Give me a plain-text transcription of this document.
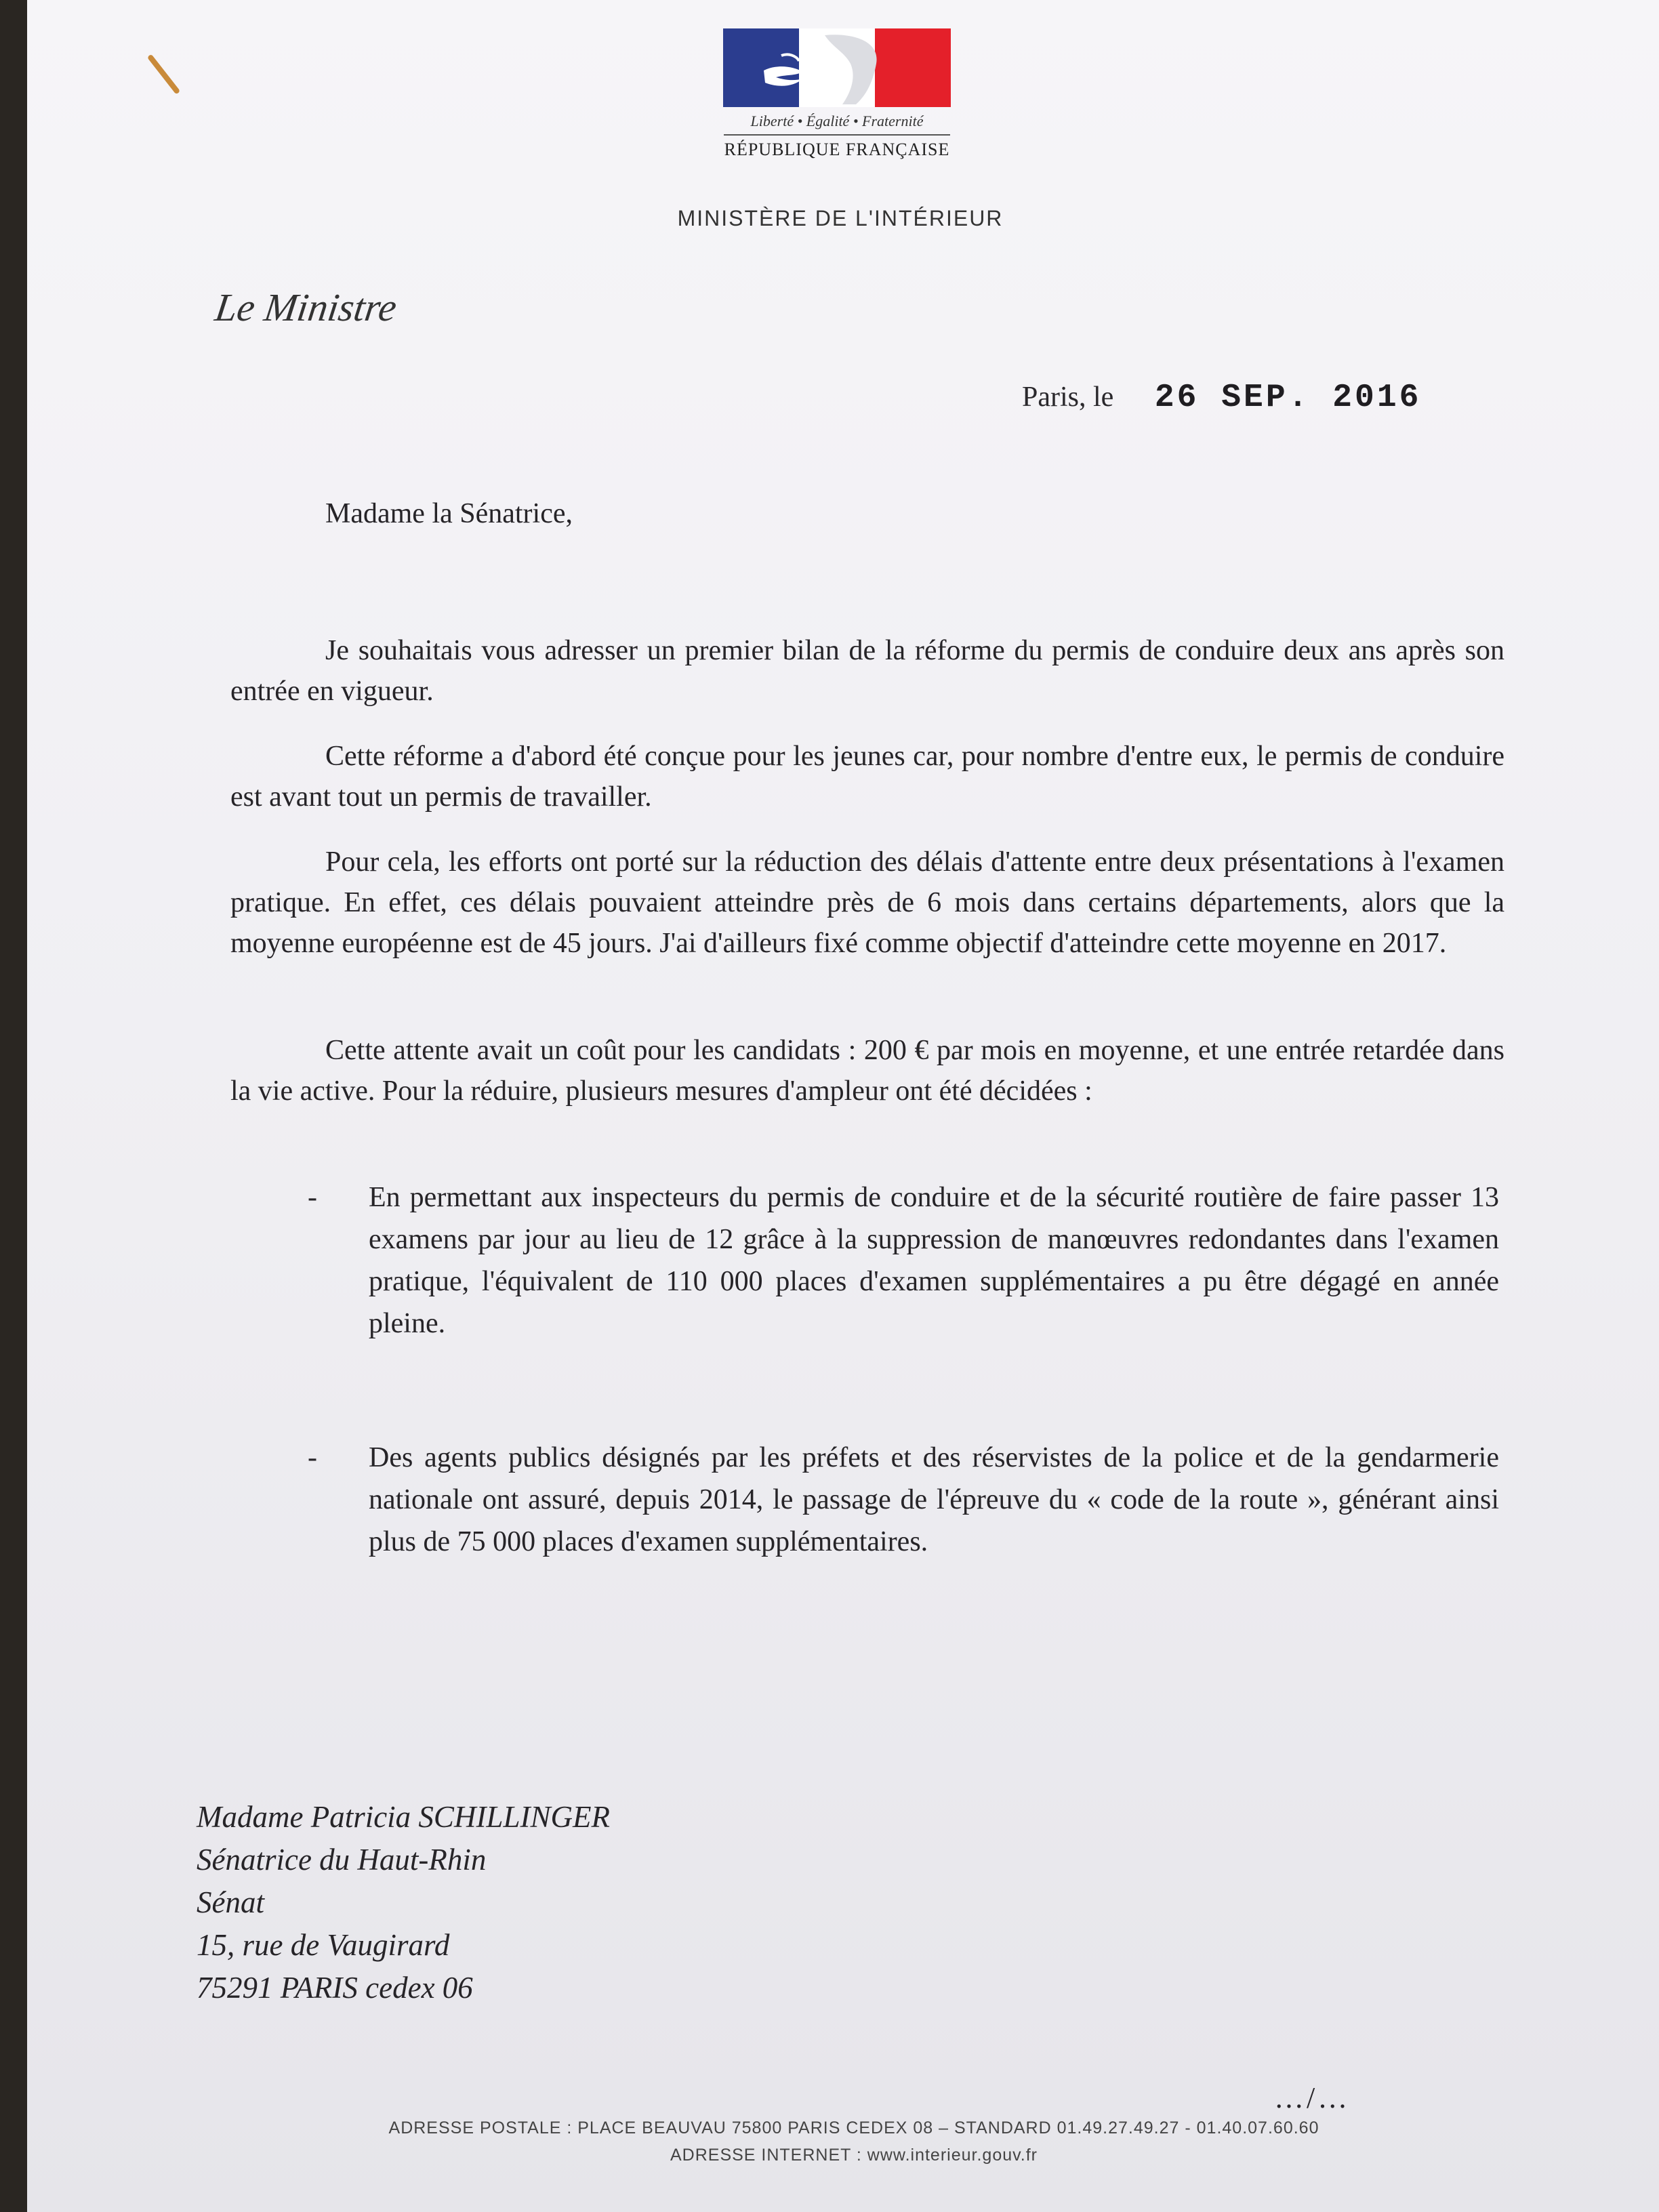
Liberté • Égalité • Fraternité
RÉPUBLIQUE FRANÇAISE
MINISTÈRE DE L'INTÉRIEUR
Le Ministre
Paris, le 26 SEP. 2016
Madame la Sénatrice,

Je souhaitais vous adresser un premier bilan de la réforme du permis de conduire deux ans après son entrée en vigueur.

Cette réforme a d'abord été conçue pour les jeunes car, pour nombre d'entre eux, le permis de conduire est avant tout un permis de travailler.

Pour cela, les efforts ont porté sur la réduction des délais d'attente entre deux présentations à l'examen pratique. En effet, ces délais pouvaient atteindre près de 6 mois dans certains départements, alors que la moyenne européenne est de 45 jours. J'ai d'ailleurs fixé comme objectif d'atteindre cette moyenne en 2017.

Cette attente avait un coût pour les candidats : 200 € par mois en moyenne, et une entrée retardée dans la vie active. Pour la réduire, plusieurs mesures d'ampleur ont été décidées :

- En permettant aux inspecteurs du permis de conduire et de la sécurité routière de faire passer 13 examens par jour au lieu de 12 grâce à la suppression de manœuvres redondantes dans l'examen pratique, l'équivalent de 110 000 places d'examen supplémentaires a pu être dégagé en année pleine.
- Des agents publics désignés par les préfets et des réservistes de la police et de la gendarmerie nationale ont assuré, depuis 2014, le passage de l'épreuve du « code de la route », générant ainsi plus de 75 000 places d'examen supplémentaires.
Madame Patricia SCHILLINGER
Sénatrice du Haut-Rhin
Sénat
15, rue de Vaugirard
75291 PARIS cedex 06
…/…
ADRESSE POSTALE : PLACE BEAUVAU 75800 PARIS CEDEX 08 – STANDARD 01.49.27.49.27 - 01.40.07.60.60
ADRESSE INTERNET : www.interieur.gouv.fr
